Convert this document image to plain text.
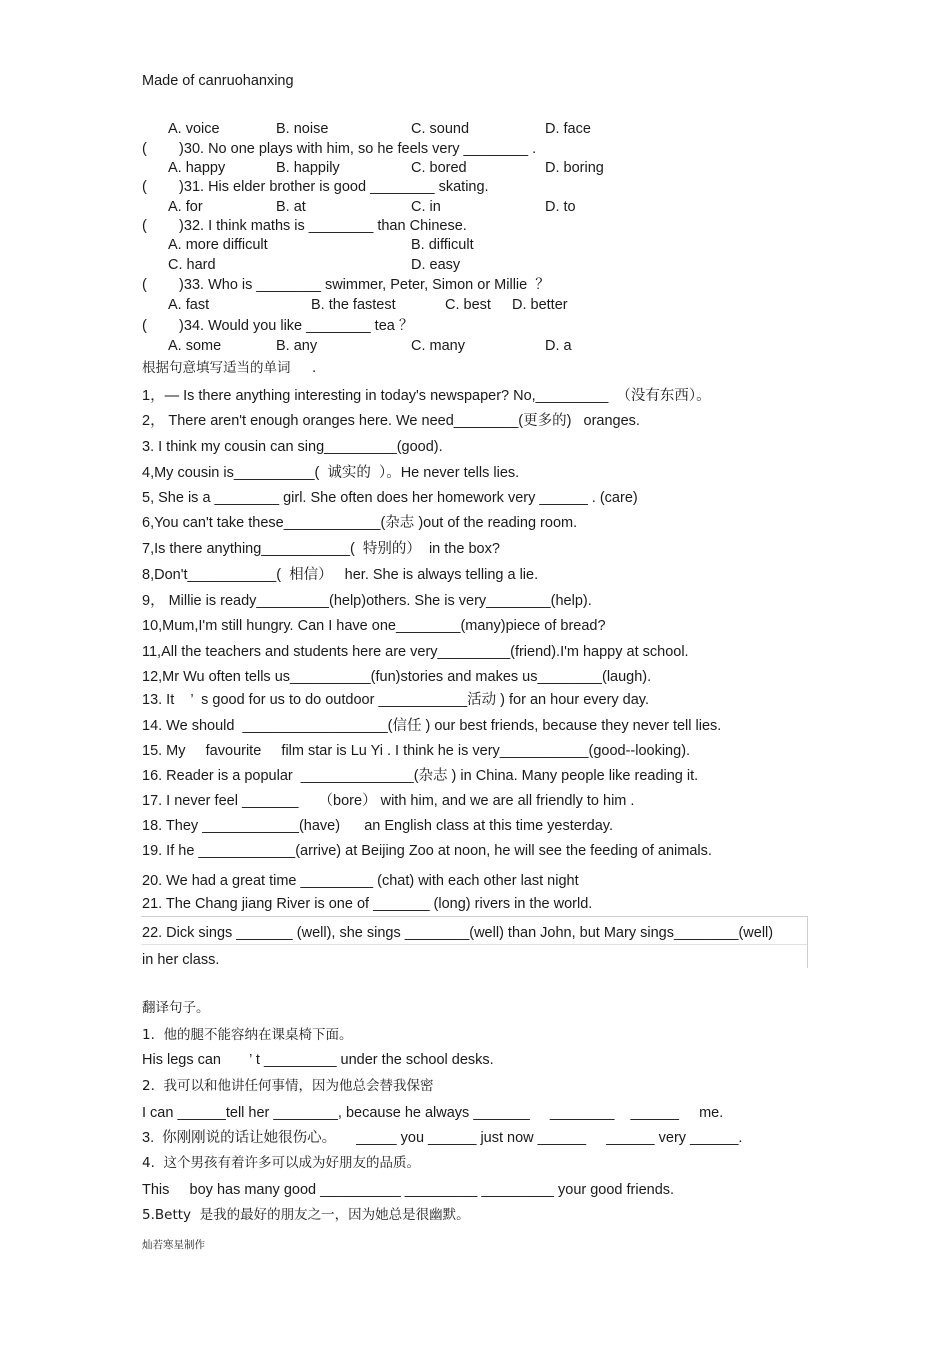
Made of canruohanxing
A. voice	B. noise	C. sound	D. face
(        )30. No one plays with him, so he feels very ________ .
A. happy	B. happily	C. bored	D. boring
(        )31. His elder brother is good ________ skating.
A. for	B. at	C. in	D. to
(        )32. I think maths is ________ than Chinese.
A. more difficult	B. difficult
C. hard	D. easy
(        )33. Who is ________ swimmer, Peter, Simon or Millie  ？
A. fast	B. the fastest	C. best D. better
(        )34. Would you like ________ tea ？
A. some	B. any	C. many	D. a
根据句意填写适当的单词     .
1，— Is there anything interesting in today's newspaper? No,_________  （没有东西）。
2， There aren't enough oranges here. We need________(更多的)   oranges.
3. I think my cousin can sing_________(good).
4,My cousin is__________(  诚实的  ）。He never tells lies.
5, She is a ________ girl. She often does her homework very ______ . (care)
6,You can't take these____________(杂志 )out of the reading room.
7,Is there anything___________(  特别的）  in the box?
8,Don't___________(  相信）   her. She is always telling a lie.
9， Millie is ready_________(help)others. She is very________(help).
10,Mum,I'm still hungry. Can I have one________(many)piece of bread?
11,All the teachers and students here are very_________(friend).I'm happy at school.
12,Mr Wu often tells us__________(fun)stories and makes us________(laugh).
13. It    ’  s good for us to do outdoor ___________活动 ) for an hour every day.
14. We should  __________________(信任 ) our best friends, because they never tell lies.
15. My     favourite     film star is Lu Yi . I think he is very___________(good--looking).
16. Reader is a popular  ______________(杂志 ) in China. Many people like reading it.
17. I never feel _______     （bore） with him, and we are all friendly to him .
18. They ____________(have)      an English class at this time yesterday.
19. If he ____________(arrive) at Beijing Zoo at noon, he will see the feeding of animals.
20. We had a great time _________ (chat) with each other last night
21. The Chang jiang River is one of _______ (long) rivers in the world.
22. Dick sings _______ (well), she sings ________(well) than John, but Mary sings________(well)
in her class.
翻译句子。
1.  他的腿不能容纳在课桌椅下面。
His legs can       ’ t _________ under the school desks.
2.  我可以和他讲任何事情，因为他总会替我保密
I can ______tell her ________, because he always _______     ________    ______     me.
3.  你刚刚说的话让她很伤心。     _____ you ______ just now ______     ______ very ______.
4.  这个男孩有着许多可以成为好朋友的品质。
This     boy has many good __________ _________ _________ your good friends.
5.Betty  是我的最好的朋友之一，因为她总是很幽默。
灿若寒星制作
